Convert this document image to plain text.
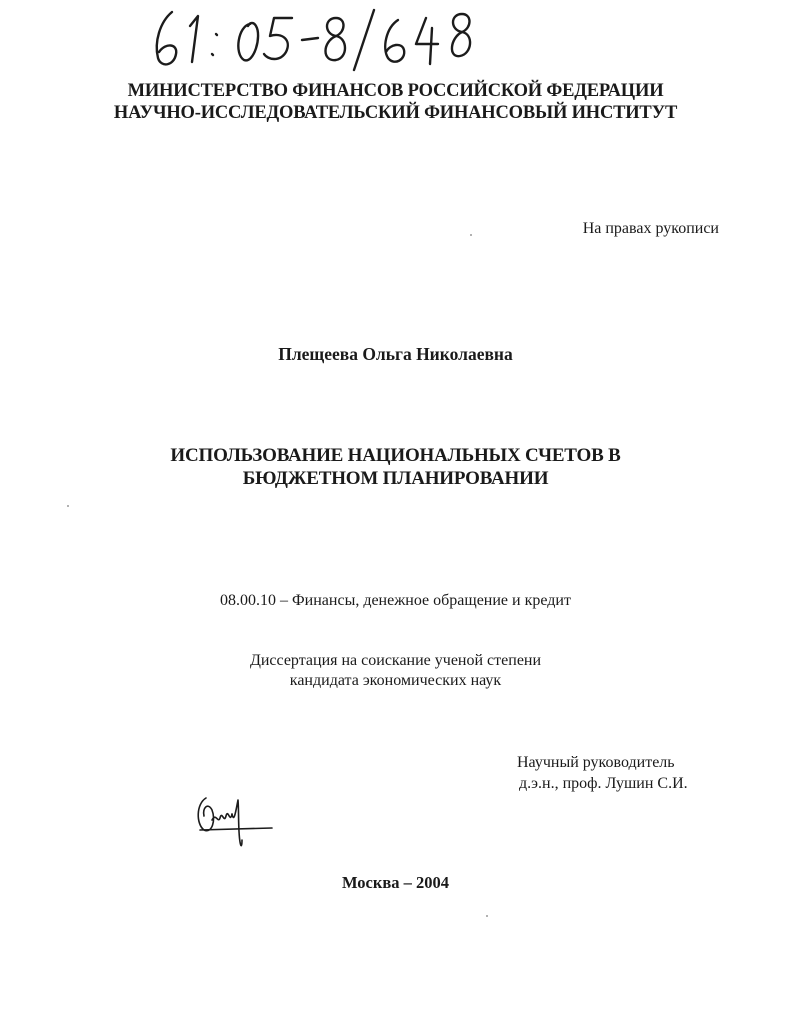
МИНИСТЕРСТВО ФИНАНСОВ РОССИЙСКОЙ ФЕДЕРАЦИИ
НАУЧНО-ИССЛЕДОВАТЕЛЬСКИЙ ФИНАНСОВЫЙ ИНСТИТУТ
На правах рукописи
Плещеева Ольга Николаевна
ИСПОЛЬЗОВАНИЕ НАЦИОНАЛЬНЫХ СЧЕТОВ В
БЮДЖЕТНОМ ПЛАНИРОВАНИИ
08.00.10 – Финансы, денежное обращение и кредит
Диссертация на соискание ученой степени
кандидата экономических наук
Научный руководитель
д.э.н., проф. Лушин С.И.
Москва – 2004
